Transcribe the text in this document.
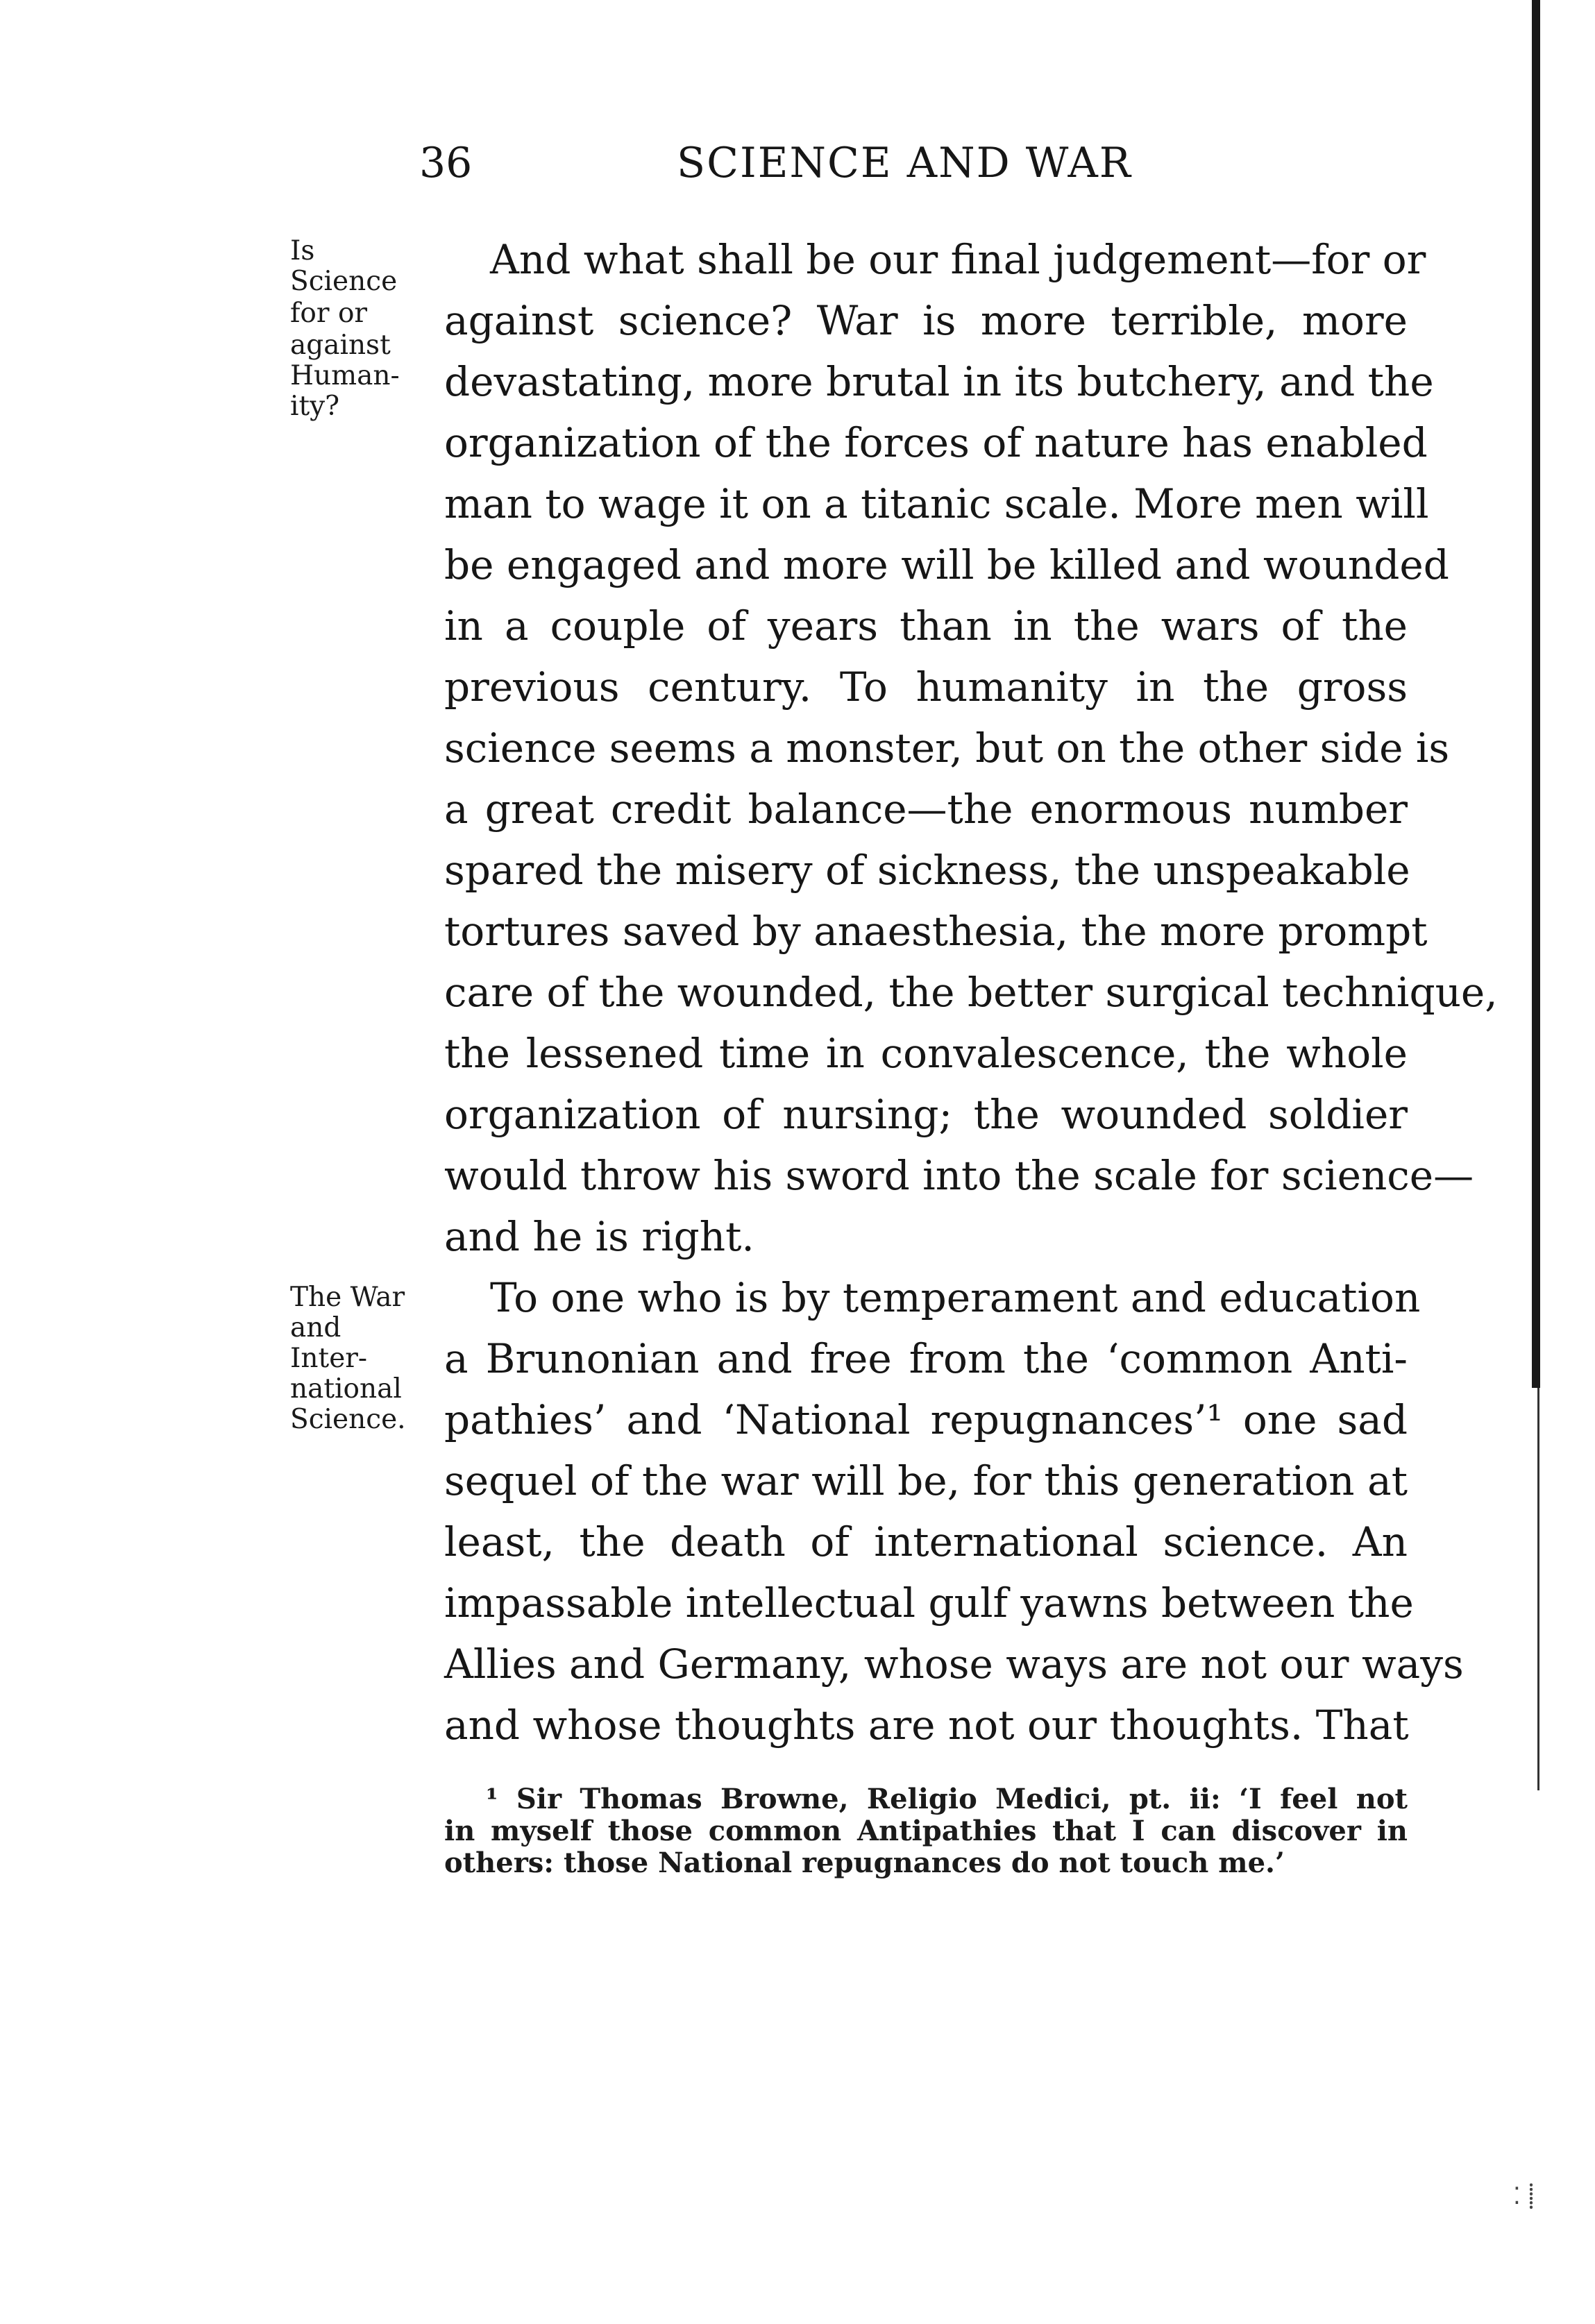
36	SCIENCE AND WAR
Is
Science
for or
against
Human-
ity?
And what shall be our final judgement—for or
against science? War is more terrible, more
devastating, more brutal in its butchery, and the
organization of the forces of nature has enabled
man to wage it on a titanic scale. More men will
be engaged and more will be killed and wounded
in a couple of years than in the wars of the
previous century. To humanity in the gross
science seems a monster, but on the other side is
a great credit balance—the enormous number
spared the misery of sickness, the unspeakable
tortures saved by anaesthesia, the more prompt
care of the wounded, the better surgical technique,
the lessened time in convalescence, the whole
organization of nursing; the wounded soldier
would throw his sword into the scale for science—
and he is right.
The War
and
Inter-
national
Science.
To one who is by temperament and education
a Brunonian and free from the ‘common Anti-
pathies’ and ‘National repugnances’¹ one sad
sequel of the war will be, for this generation at
least, the death of international science. An
impassable intellectual gulf yawns between the
Allies and Germany, whose ways are not our ways
and whose thoughts are not our thoughts. That
¹ Sir Thomas Browne, Religio Medici, pt. ii: ‘I feel not
in myself those common Antipathies that I can discover in
others: those National repugnances do not touch me.’
⁚ ⸽
